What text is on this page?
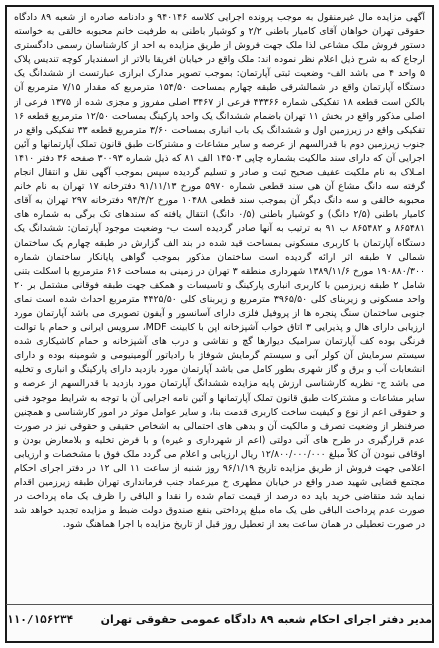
آگهی مزایده مال غیرمنقول به موجب پرونده اجرایی کلاسه ۹۴۰۱۴۶ و دادنامه صادره از شعبه ۸۹ دادگاه حقوقی تهران خواهان آقای کامیار باطنی ۲/۲ و کوشیار باطنی به طرفیت خانم محبوبه خالقی به خواسته دستور فروش ملک مشاعی لذا ملک جهت فروش از طریق مزایده به احد از کارشناسان رسمی دادگستری ارجاع که به شرح ذیل اعلام نظر نموده اند: ملک واقع در خیابان افریقا بالاتر از اسفندیار کوچه تندیس پلاک ۵ واحد ۴ می باشد الف- وضعیت ثبتی آپارتمان: بموجب تصویر مدارک ابرازی عبارتست از ششدانگ یک دستگاه آپارتمان واقع در شمالشرقی طبقه چهارم بمساحت ۱۵۴/۵۰ مترمربع که مقدار ۷/۱۵ مترمربع آن بالکن است قطعه ۱۸ تفکیکی شماره ۴۳۳۶۶ فرعی از ۳۴۶۷ اصلی مفروز و مجزی شده از ۱۳۷۵ فرعی از اصلی مذکور واقع در بخش ۱۱ تهران باضمام ششدانگ یک واحد پارکینگ بمساحت ۱۲/۵۰ مترمربع قطعه ۱۶ تفکیکی واقع در زیرزمین اول و ششدانگ یک باب انباری بمساحت ۳/۶۰ مترمربع قطعه ۳۳ تفکیکی واقع در جنوب زیرزمین دوم با قدرالسهم از عرصه و سایر مشاعات و مشترکات طبق قانون تملک آپارتمانها و آئین اجرایی آن که دارای سند مالکیت بشماره چاپی ۱۴۵۰۳ الف ۸۱ که ذیل شماره ۳۰۰۹۳ صفحه ۳۶ دفتر ۱۴۱۰ امـلاک به نام ملکیت عفیف صحیح ثبت و صادر و تسلیم گردیده سپس بموجب آگهی نقل و انتقال انجام گرفته سه دانگ مشاع آن هی سند قطعی شماره ۵۹۷۰ مورخ ۹۱/۱۱/۱۳ دفترخانه ۱۷ تهران به نام خانم محبوبه خالقی و سه دانگ دیگر آن بموجب سند قطعی ۱۰۴۸۸ مورخ ۹۴/۴/۲ دفترخانه ۲۹۷ تهران به آقای کامیار باطنی (۲/۵ دانگ) و کوشیار باطنی (۰/۵ دانگ) انتقال یافته که سندهای تک برگی به شماره های ۸۶۵۴۸۱ و ۸۶۵۴۸۲ ب ۹۱ به ترتیب به آنها صادر گردیده است ب- وضعیت موجود آپارتمان: ششدانگ یک دستگاه آپارتمان با کاربری مسکونی بمساحت قید شده در بند الف گزارش در طبقه چهارم یک ساختمان شمالی ۷ طبقه اثر ارائه گردیده است ساختمان مذکور بموجب گواهی پایانکار ساختمان شماره ۱۹۰۸۸۰/۳۰۰ مورخ ۱۳۸۹/۱۱/۶ شهرداری منطقه ۳ تهران در زمینی به مساحت ۶۱۶ مترمربع با اسکلت بتنی شامل ۲ طبقه زیرزمین با کاربری انباری پارکینگ و تاسیسات و همکف جهت طبقه فوقانی مشتمل بر ۲۰ واحد مسکونی و زیربنای کلی ۳۹۶۵/۵۰ مترمربع و زیربنای کلی ۴۴۲۵/۵۰ مترمربع احداث شده است نمای جنوبی ساختمان سنگ پنجره ها از پروفیل فلزی دارای آسانسور و آیفون تصویری می باشد آپارتمان مورد ارزیابی دارای هال و پذیرایی ۳ اتاق خواب آشپزخانه اپن با کابینت MDF، سرویس ایرانی و حمام با توالت فرنگی بوده کف آپارتمان سرامیک دیوارها گچ و نقاشی و درب های آشپزخانه و حمام کاشیکاری شده سیستم سرمایش آن کولر آبی و سیستم گرمایش شوفاژ با رادیاتور آلومینیومی و شومینه بوده و دارای انشعابات آب و برق و گاز شهری بطور کامل می باشد آپارتمان مورد بازدید دارای پارکینگ و انباری و تخلیه می باشد ج- نظریه کارشناسی ارزش پایه مزایده ششدانگ آپارتمان مورد بازدید با قدرالسهم از عرصه و سایر مشاعات و مشترکات طبق قانون تملک آپارتمانها و آئین نامه اجرایی آن با توجه به شرایط موجود فنی و حقوقی اعم از نوع و کیفیت ساخت کاربری قدمت بنا، و سایر عوامل موثر در امور کارشناسی و همچنین صرفنظر از وضعیت تصرف و مالکیت آن و بدهی های احتمالی به اشخاص حقیقی و حقوقی نیز در صورت عدم قرارگیری در طرح های آتی دولتی (اعم از شهرداری و غیره) و با فرض تخلیه و بلامعارض بودن و اوقافی نبودن آن کلاً مبلغ ۱۲/۸۰۰/۰۰۰/۰۰۰ ریال ارزیابی و اعلام می گردد ملک فوق با مشخصات و ارزیابی اعلامی جهت فروش از طریق مزایده تاریخ ۹۶/۱/۱۹ روز شنبه از ساعت ۱۱ الی ۱۲ در دفتر اجرای احکام مجتمع قضایی شهید صدر واقع در خیابان مطهری خ میرعماد جنب فرمانداری تهران طبقه زیرزمین اقدام نماید شد متقاضی خرید باید ده درصد از قیمت تمام شده را نقدا و الباقی را ظرف یک ماه پرداخت در صورت عدم پرداخت الباقی طی یک ماه مبلغ پرداختی بنفع صندوق دولت ضبط و مزایده تجدید خواهد شد در صورت تعطیلی در همان ساعت بعد از تعطیل روز قبل از تاریخ مزایده با اجرا هماهنگ شود.
۱۱۰/۱۵۶۲۳۴ مدیر دفتر اجرای احکام شعبه ۸۹ دادگاه عمومی حقوقی تهران
